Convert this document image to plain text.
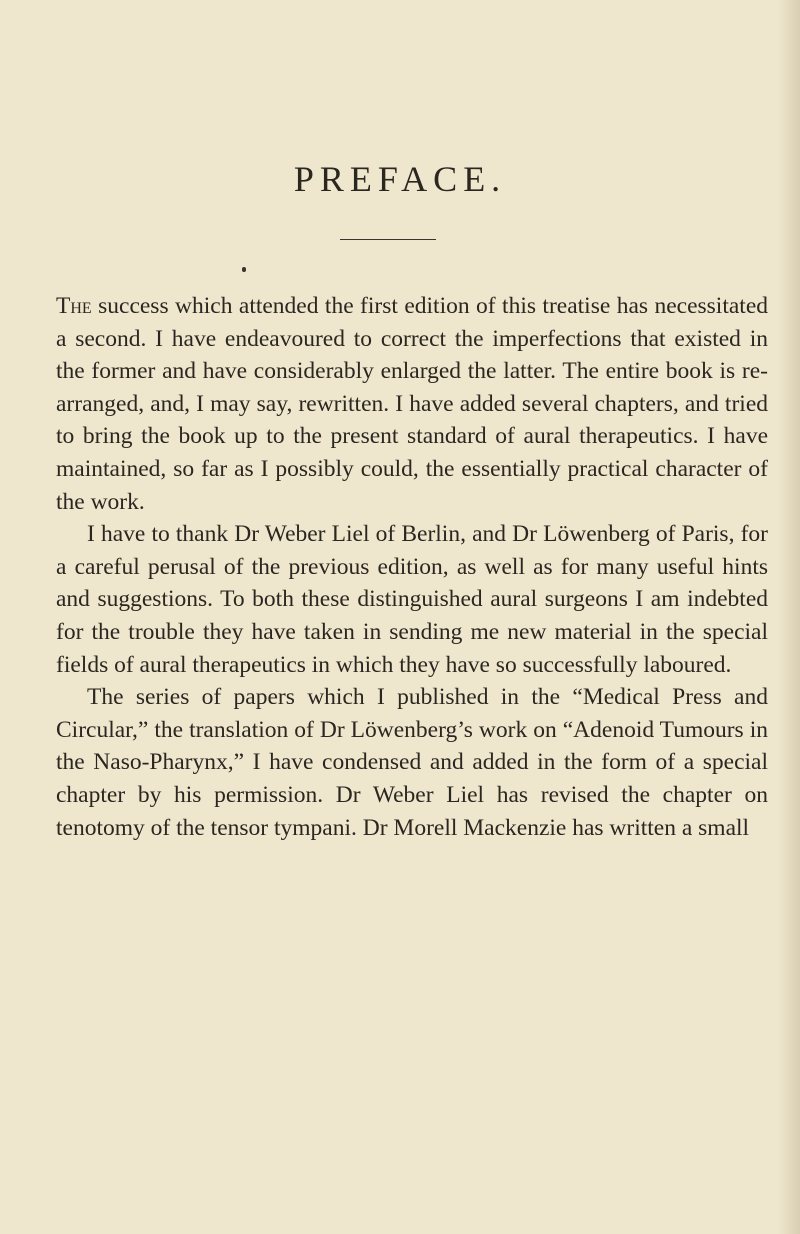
PREFACE.

The success which attended the first edition of this treatise has necessitated a second. I have endeavoured to correct the imperfections that existed in the former and have considerably enlarged the latter. The entire book is re-arranged, and, I may say, rewritten. I have added several chapters, and tried to bring the book up to the present standard of aural therapeutics. I have maintained, so far as I possibly could, the essentially practical character of the work.

I have to thank Dr Weber Liel of Berlin, and Dr Löwenberg of Paris, for a careful perusal of the previous edition, as well as for many useful hints and suggestions. To both these distinguished aural surgeons I am indebted for the trouble they have taken in sending me new material in the special fields of aural therapeutics in which they have so successfully laboured.

The series of papers which I published in the “Medical Press and Circular,” the translation of Dr Löwenberg’s work on “Adenoid Tumours in the Naso-Pharynx,” I have condensed and added in the form of a special chapter by his permission. Dr Weber Liel has revised the chapter on tenotomy of the tensor tympani. Dr Morell Mackenzie has written a small
